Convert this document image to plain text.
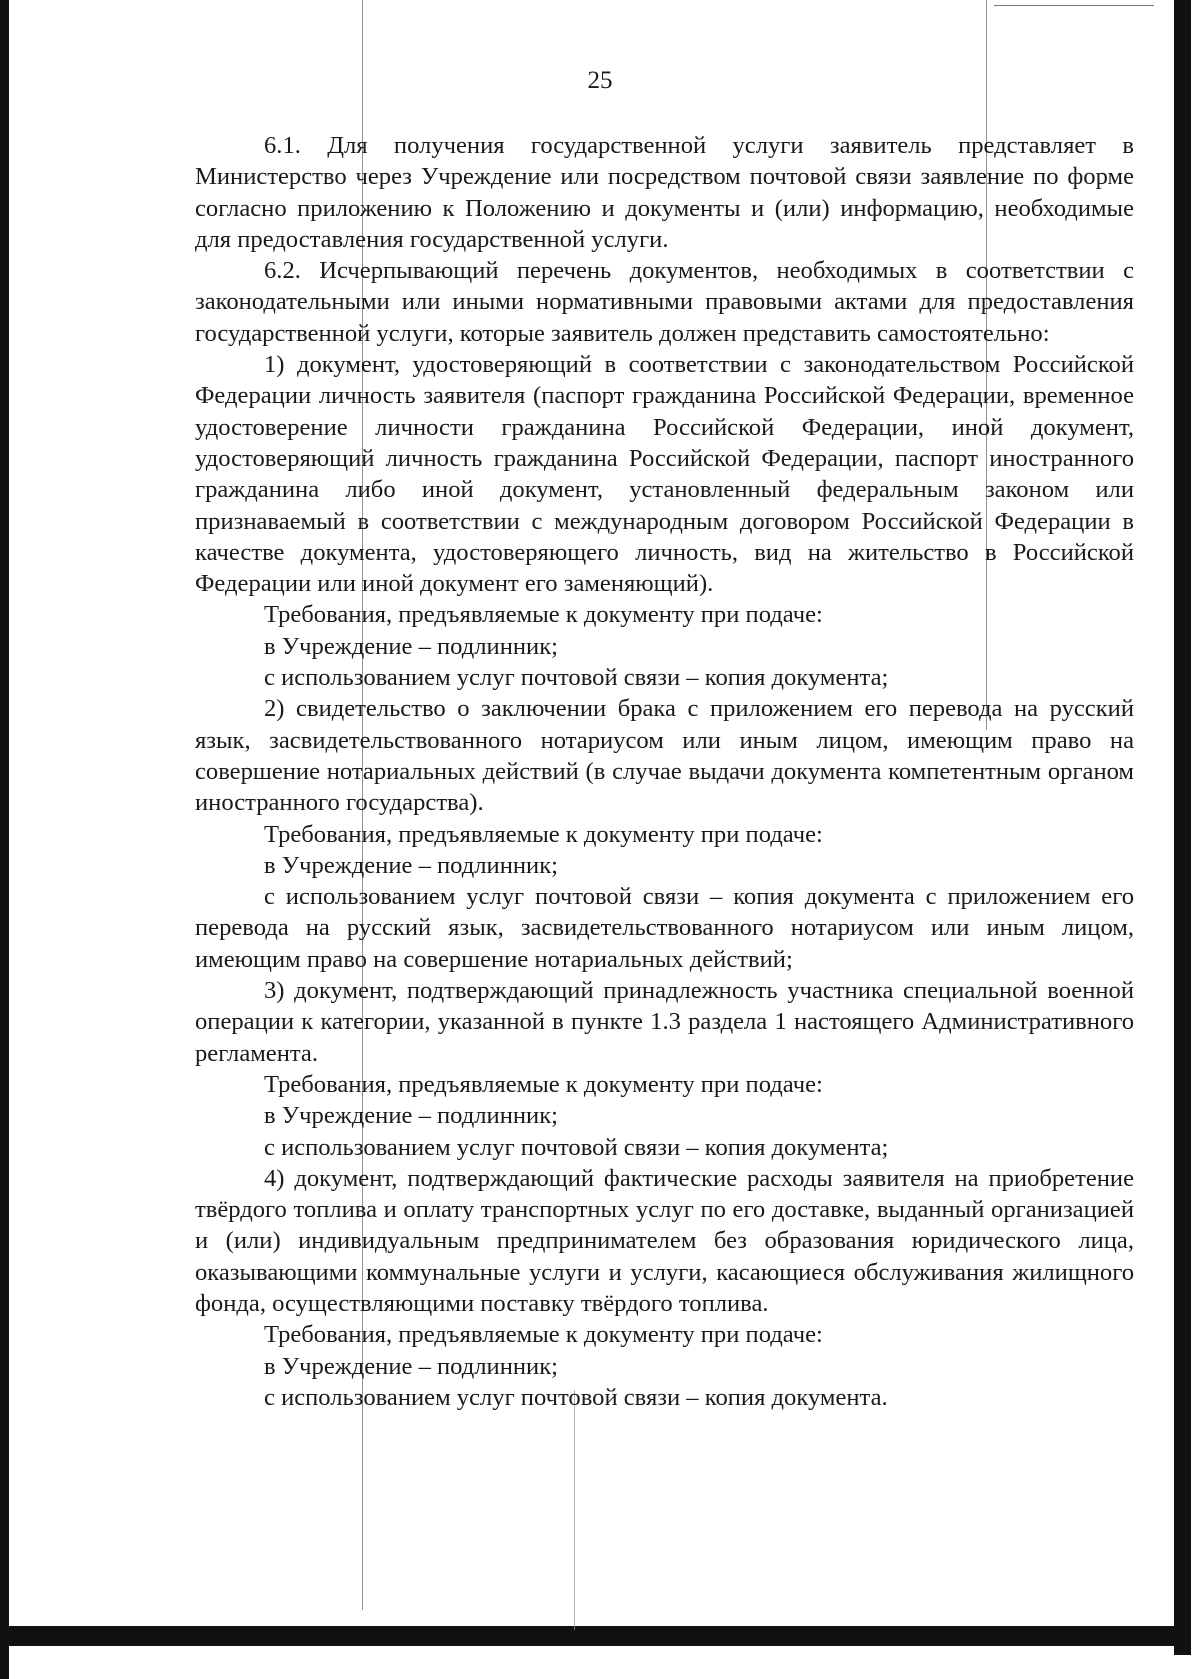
25

6.1. Для получения государственной услуги заявитель представляет в Министерство через Учреждение или посредством почтовой связи заявление по форме согласно приложению к Положению и документы и (или) информацию, необходимые для предоставления государственной услуги.

6.2. Исчерпывающий перечень документов, необходимых в соответствии с законодательными или иными нормативными правовыми актами для предоставления государственной услуги, которые заявитель должен представить самостоятельно:

1) документ, удостоверяющий в соответствии с законодательством Российской Федерации личность заявителя (паспорт гражданина Российской Федерации, временное удостоверение личности гражданина Российской Федерации, иной документ, удостоверяющий личность гражданина Российской Федерации, паспорт иностранного гражданина либо иной документ, установленный федеральным законом или признаваемый в соответствии с международным договором Российской Федерации в качестве документа, удостоверяющего личность, вид на жительство в Российской Федерации или иной документ его заменяющий).

Требования, предъявляемые к документу при подаче:

в Учреждение – подлинник;

с использованием услуг почтовой связи – копия документа;

2) свидетельство о заключении брака с приложением его перевода на русский язык, засвидетельствованного нотариусом или иным лицом, имеющим право на совершение нотариальных действий (в случае выдачи документа компетентным органом иностранного государства).

Требования, предъявляемые к документу при подаче:

в Учреждение – подлинник;

с использованием услуг почтовой связи – копия документа с приложением его перевода на русский язык, засвидетельствованного нотариусом или иным лицом, имеющим право на совершение нотариальных действий;

3) документ, подтверждающий принадлежность участника специальной военной операции к категории, указанной в пункте 1.3 раздела 1 настоящего Административного регламента.

Требования, предъявляемые к документу при подаче:

в Учреждение – подлинник;

с использованием услуг почтовой связи – копия документа;

4) документ, подтверждающий фактические расходы заявителя на приобретение твёрдого топлива и оплату транспортных услуг по его доставке, выданный организацией и (или) индивидуальным предпринимателем без образования юридического лица, оказывающими коммунальные услуги и услуги, касающиеся обслуживания жилищного фонда, осуществляющими поставку твёрдого топлива.

Требования, предъявляемые к документу при подаче:

в Учреждение – подлинник;

с использованием услуг почтовой связи – копия документа.
